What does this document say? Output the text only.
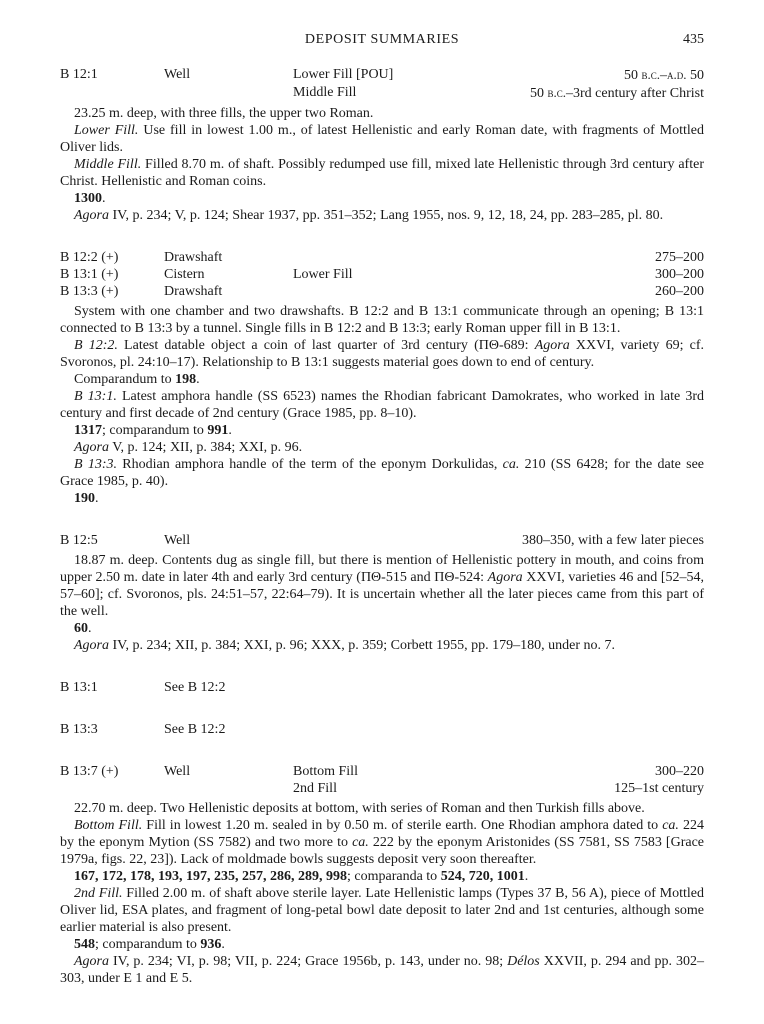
DEPOSIT SUMMARIES	435
B 12:1	Well	Lower Fill [POU]	50 b.c.–a.d. 50
Middle Fill	50 b.c.–3rd century after Christ

23.25 m. deep, with three fills, the upper two Roman.

Lower Fill. Use fill in lowest 1.00 m., of latest Hellenistic and early Roman date, with fragments of Mottled Oliver lids.

Middle Fill. Filled 8.70 m. of shaft. Possibly redumped use fill, mixed late Hellenistic through 3rd century after Christ. Hellenistic and Roman coins.

1300.

Agora IV, p. 234; V, p. 124; Shear 1937, pp. 351–352; Lang 1955, nos. 9, 12, 18, 24, pp. 283–285, pl. 80.

B 12:2 (+)	Drawshaft	275–200
B 13:1 (+)	Cistern	Lower Fill	300–200
B 13:3 (+)	Drawshaft	260–200

System with one chamber and two drawshafts. B 12:2 and B 13:1 communicate through an opening; B 13:1 connected to B 13:3 by a tunnel. Single fills in B 12:2 and B 13:3; early Roman upper fill in B 13:1.

B 12:2. Latest datable object a coin of last quarter of 3rd century (ΠΘ-689: Agora XXVI, variety 69; cf. Svoronos, pl. 24:10–17). Relationship to B 13:1 suggests material goes down to end of century.

Comparandum to 198.

B 13:1. Latest amphora handle (SS 6523) names the Rhodian fabricant Damokrates, who worked in late 3rd century and first decade of 2nd century (Grace 1985, pp. 8–10).

1317; comparandum to 991.

Agora V, p. 124; XII, p. 384; XXI, p. 96.

B 13:3. Rhodian amphora handle of the term of the eponym Dorkulidas, ca. 210 (SS 6428; for the date see Grace 1985, p. 40).

190.

B 12:5	Well	380–350, with a few later pieces

18.87 m. deep. Contents dug as single fill, but there is mention of Hellenistic pottery in mouth, and coins from upper 2.50 m. date in later 4th and early 3rd century (ΠΘ-515 and ΠΘ-524: Agora XXVI, varieties 46 and [52–54, 57–60]; cf. Svoronos, pls. 24:51–57, 22:64–79). It is uncertain whether all the later pieces came from this part of the well.

60.

Agora IV, p. 234; XII, p. 384; XXI, p. 96; XXX, p. 359; Corbett 1955, pp. 179–180, under no. 7.

B 13:1	See B 12:2
B 13:3	See B 12:2
B 13:7 (+)	Well	Bottom Fill	300–220
2nd Fill	125–1st century

22.70 m. deep. Two Hellenistic deposits at bottom, with series of Roman and then Turkish fills above.

Bottom Fill. Fill in lowest 1.20 m. sealed in by 0.50 m. of sterile earth. One Rhodian amphora dated to ca. 224 by the eponym Mytion (SS 7582) and two more to ca. 222 by the eponym Aristonides (SS 7581, SS 7583 [Grace 1979a, figs. 22, 23]). Lack of moldmade bowls suggests deposit very soon thereafter.

167, 172, 178, 193, 197, 235, 257, 286, 289, 998; comparanda to 524, 720, 1001.

2nd Fill. Filled 2.00 m. of shaft above sterile layer. Late Hellenistic lamps (Types 37 B, 56 A), piece of Mottled Oliver lid, ESA plates, and fragment of long-petal bowl date deposit to later 2nd and 1st centuries, although some earlier material is also present.

548; comparandum to 936.

Agora IV, p. 234; VI, p. 98; VII, p. 224; Grace 1956b, p. 143, under no. 98; Délos XXVII, p. 294 and pp. 302–303, under E 1 and E 5.
